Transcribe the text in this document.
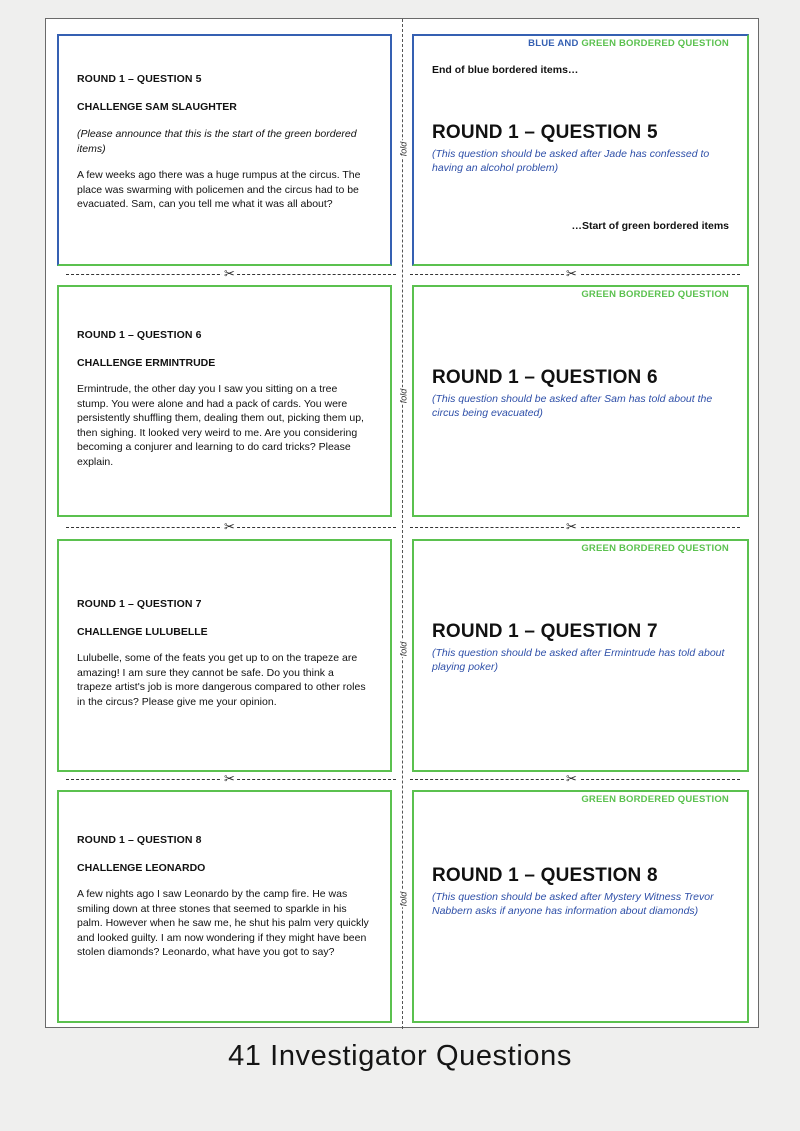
fold
fold
fold
fold
✂	✂
✂	✂
✂	✂
ROUND 1 – QUESTION 5
CHALLENGE SAM SLAUGHTER
(Please announce that this is the start of the green bordered items)
A few weeks ago there was a huge rumpus at the circus. The place was swarming with policemen and the circus had to be evacuated. Sam, can you tell me what it was all about?
BLUE AND GREEN BORDERED QUESTION
End of blue bordered items…
ROUND 1 – QUESTION 5
(This question should be asked after Jade has confessed to having an alcohol problem)
…Start of green bordered items
ROUND 1 – QUESTION 6
CHALLENGE ERMINTRUDE
Ermintrude, the other day you I saw you sitting on a tree stump. You were alone and had a pack of cards. You were persistently shuffling them, dealing them out, picking them up, then sighing. It looked very weird to me. Are you considering becoming a conjurer and learning to do card tricks? Please explain.
GREEN BORDERED QUESTION
ROUND 1 – QUESTION 6
(This question should be asked after Sam has told about the circus being evacuated)
ROUND 1 – QUESTION 7
CHALLENGE LULUBELLE
Lulubelle, some of the feats you get up to on the trapeze are amazing! I am sure they cannot be safe. Do you think a trapeze artist's job is more dangerous compared to other roles in the circus? Please give me your opinion.
GREEN BORDERED QUESTION
ROUND 1 – QUESTION 7
(This question should be asked after Ermintrude has told about playing poker)
ROUND 1 – QUESTION 8
CHALLENGE LEONARDO
A few nights ago I saw Leonardo by the camp fire. He was smiling down at three stones that seemed to sparkle in his palm. However when he saw me, he shut his palm very quickly and looked guilty. I am now wondering if they might have been stolen diamonds? Leonardo, what have you got to say?
GREEN BORDERED QUESTION
ROUND 1 – QUESTION 8
(This question should be asked after Mystery Witness Trevor Nabbern asks if anyone has information about diamonds)
41 Investigator Questions
